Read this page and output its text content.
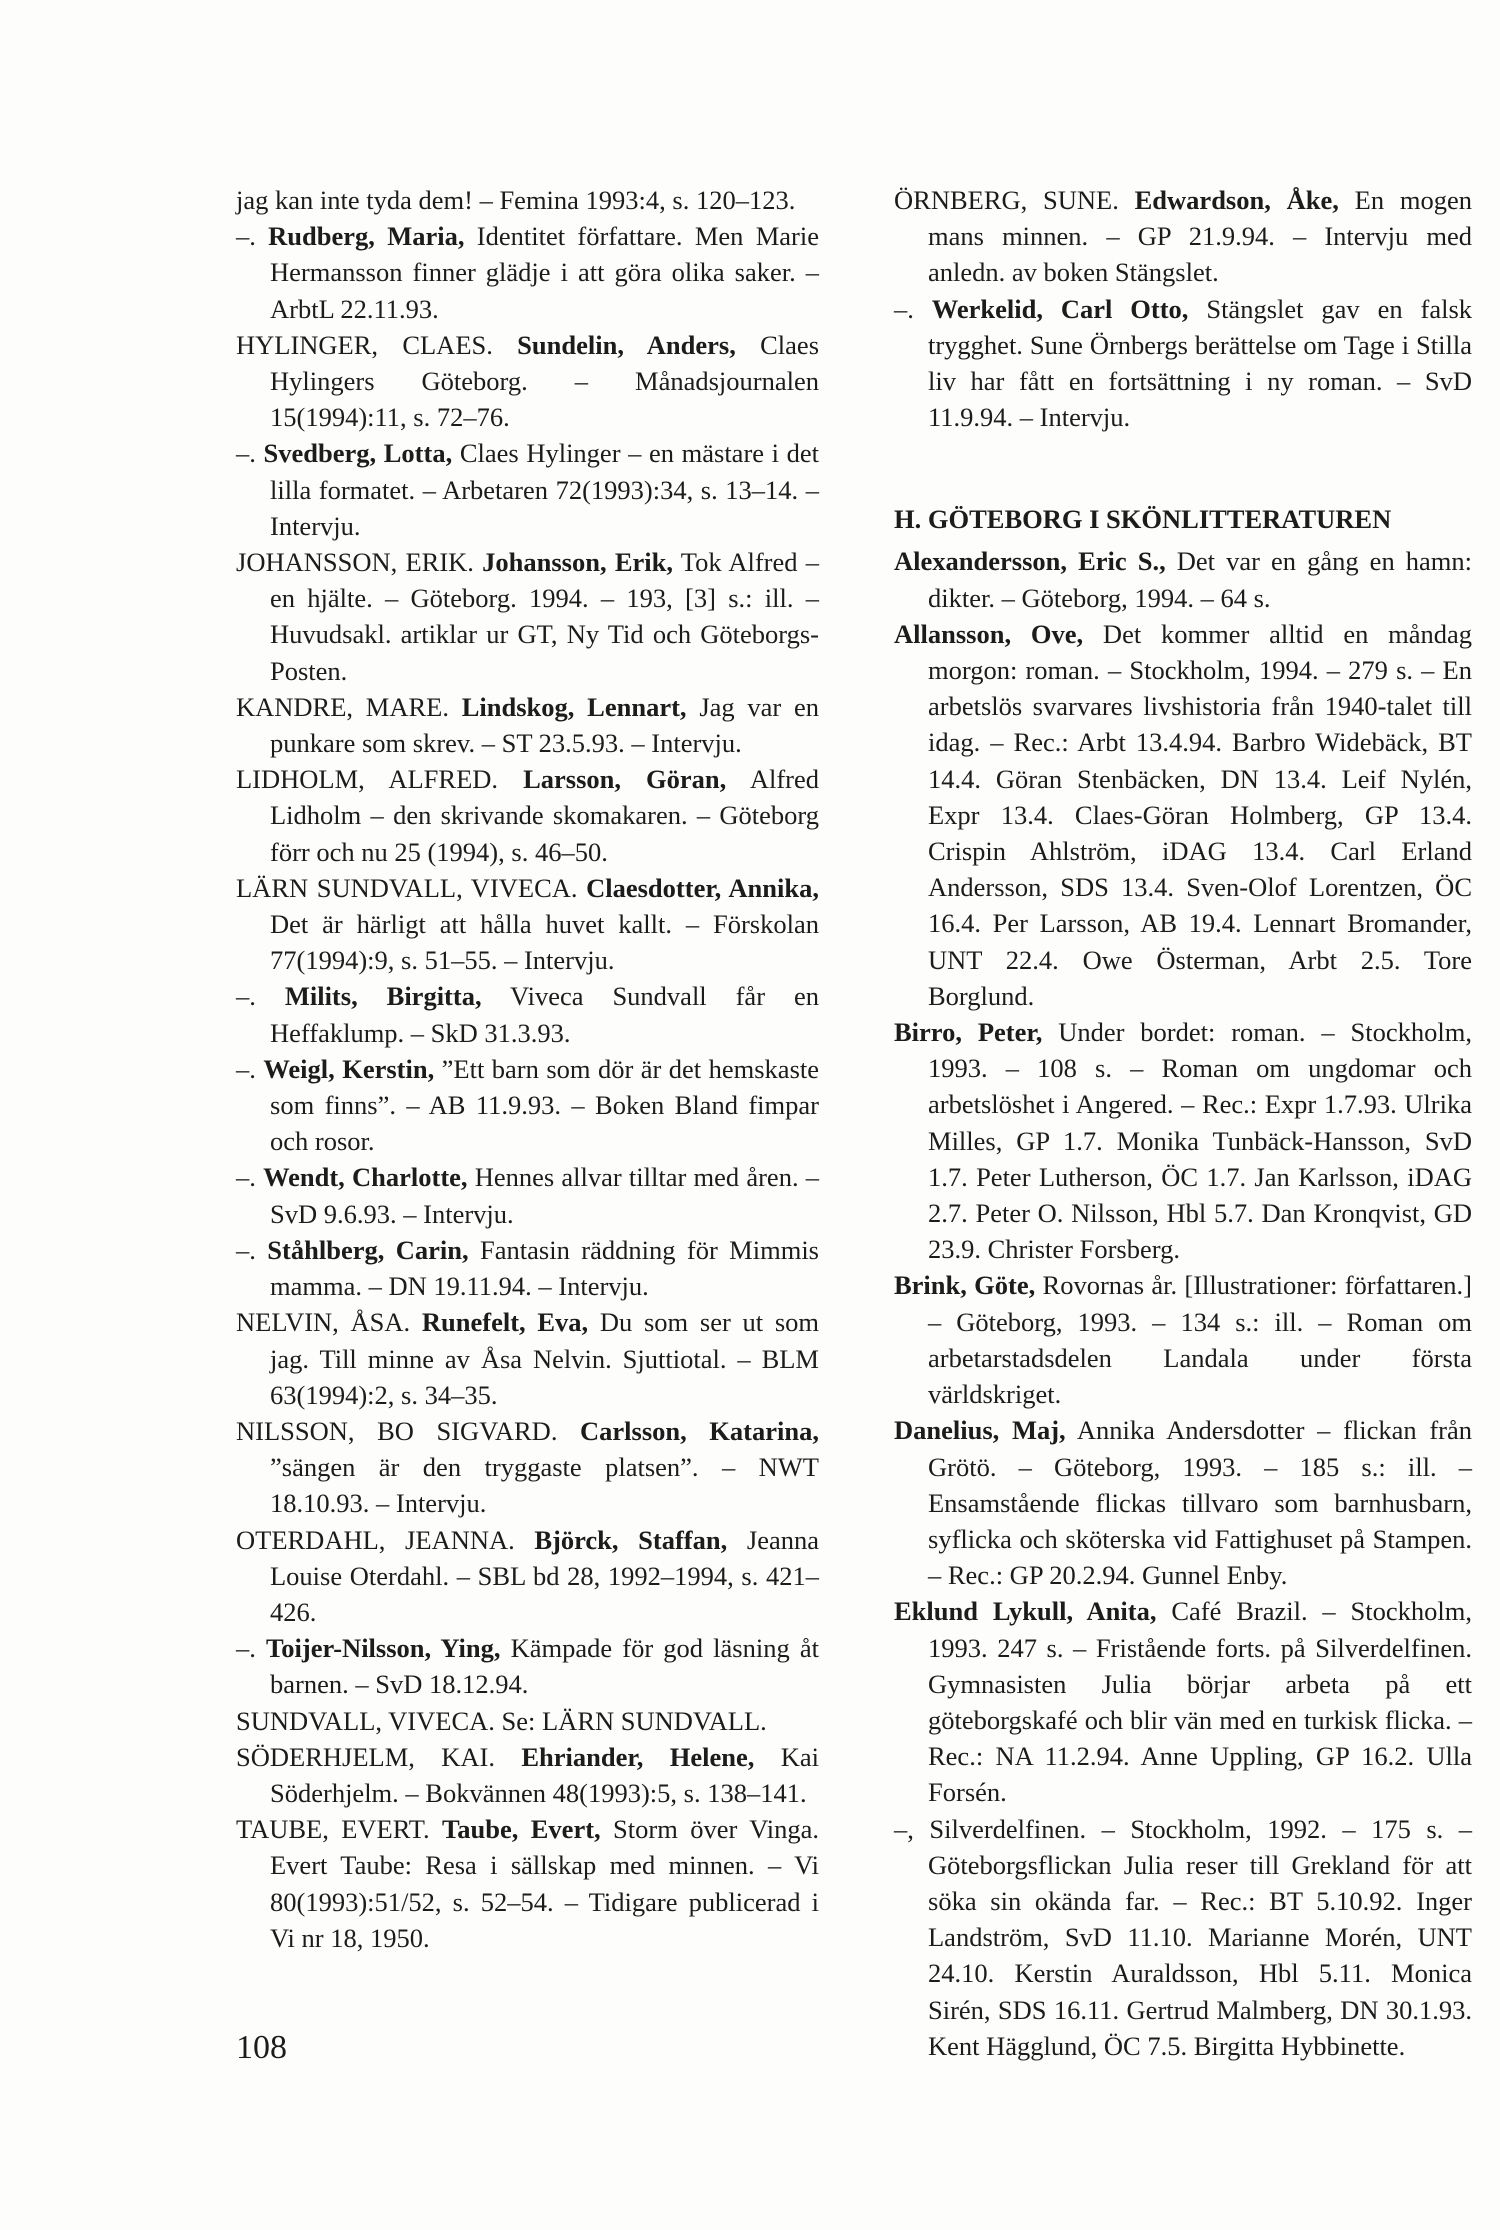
jag kan inte tyda dem! – Femina 1993:4, s. 120–123.

–. Rudberg, Maria, Identitet författare. Men Marie Hermansson finner glädje i att göra olika saker. – ArbtL 22.11.93.

HYLINGER, CLAES. Sundelin, Anders, Claes Hylingers Göteborg. – Månadsjournalen 15(1994):11, s. 72–76.

–. Svedberg, Lotta, Claes Hylinger – en mästare i det lilla formatet. – Arbetaren 72(1993):34, s. 13–14. – Intervju.

JOHANSSON, ERIK. Johansson, Erik, Tok Alfred – en hjälte. – Göteborg. 1994. – 193, [3] s.: ill. – Huvudsakl. artiklar ur GT, Ny Tid och Göteborgs-Posten.

KANDRE, MARE. Lindskog, Lennart, Jag var en punkare som skrev. – ST 23.5.93. – Intervju.

LIDHOLM, ALFRED. Larsson, Göran, Alfred Lidholm – den skrivande skomakaren. – Göteborg förr och nu 25 (1994), s. 46–50.

LÄRN SUNDVALL, VIVECA. Claesdotter, Annika, Det är härligt att hålla huvet kallt. – Förskolan 77(1994):9, s. 51–55. – Intervju.

–. Milits, Birgitta, Viveca Sundvall får en Heffaklump. – SkD 31.3.93.

–. Weigl, Kerstin, ”Ett barn som dör är det hemskaste som finns”. – AB 11.9.93. – Boken Bland fimpar och rosor.

–. Wendt, Charlotte, Hennes allvar tilltar med åren. – SvD 9.6.93. – Intervju.

–. Ståhlberg, Carin, Fantasin räddning för Mimmis mamma. – DN 19.11.94. – Intervju.

NELVIN, ÅSA. Runefelt, Eva, Du som ser ut som jag. Till minne av Åsa Nelvin. Sjuttiotal. – BLM 63(1994):2, s. 34–35.

NILSSON, BO SIGVARD. Carlsson, Katarina, ”sängen är den tryggaste platsen”. – NWT 18.10.93. – Intervju.

OTERDAHL, JEANNA. Björck, Staffan, Jeanna Louise Oterdahl. – SBL bd 28, 1992–1994, s. 421–426.

–. Toijer-Nilsson, Ying, Kämpade för god läsning åt barnen. – SvD 18.12.94.

SUNDVALL, VIVECA. Se: LÄRN SUNDVALL.

SÖDERHJELM, KAI. Ehriander, Helene, Kai Söderhjelm. – Bokvännen 48(1993):5, s. 138–141.

TAUBE, EVERT. Taube, Evert, Storm över Vinga. Evert Taube: Resa i sällskap med minnen. – Vi 80(1993):51/52, s. 52–54. – Tidigare publicerad i Vi nr 18, 1950.

ÖRNBERG, SUNE. Edwardson, Åke, En mogen mans minnen. – GP 21.9.94. – Intervju med anledn. av boken Stängslet.

–. Werkelid, Carl Otto, Stängslet gav en falsk trygghet. Sune Örnbergs berättelse om Tage i Stilla liv har fått en fortsättning i ny roman. – SvD 11.9.94. – Intervju.

H. GÖTEBORG I SKÖNLITTERATUREN

Alexandersson, Eric S., Det var en gång en hamn: dikter. – Göteborg, 1994. – 64 s.

Allansson, Ove, Det kommer alltid en måndag morgon: roman. – Stockholm, 1994. – 279 s. – En arbetslös svarvares livshistoria från 1940-talet till idag. – Rec.: Arbt 13.4.94. Barbro Widebäck, BT 14.4. Göran Stenbäcken, DN 13.4. Leif Nylén, Expr 13.4. Claes-Göran Holmberg, GP 13.4. Crispin Ahlström, iDAG 13.4. Carl Erland Andersson, SDS 13.4. Sven-Olof Lorentzen, ÖC 16.4. Per Larsson, AB 19.4. Lennart Bromander, UNT 22.4. Owe Österman, Arbt 2.5. Tore Borglund.

Birro, Peter, Under bordet: roman. – Stockholm, 1993. – 108 s. – Roman om ungdomar och arbetslöshet i Angered. – Rec.: Expr 1.7.93. Ulrika Milles, GP 1.7. Monika Tunbäck-Hansson, SvD 1.7. Peter Lutherson, ÖC 1.7. Jan Karlsson, iDAG 2.7. Peter O. Nilsson, Hbl 5.7. Dan Kronqvist, GD 23.9. Christer Forsberg.

Brink, Göte, Rovornas år. [Illustrationer: författaren.] – Göteborg, 1993. – 134 s.: ill. – Roman om arbetarstadsdelen Landala under första världskriget.

Danelius, Maj, Annika Andersdotter – flickan från Grötö. – Göteborg, 1993. – 185 s.: ill. – Ensamstående flickas tillvaro som barnhusbarn, syflicka och sköterska vid Fattighuset på Stampen. – Rec.: GP 20.2.94. Gunnel Enby.

Eklund Lykull, Anita, Café Brazil. – Stockholm, 1993. 247 s. – Fristående forts. på Silverdelfinen. Gymnasisten Julia börjar arbeta på ett göteborgskafé och blir vän med en turkisk flicka. – Rec.: NA 11.2.94. Anne Uppling, GP 16.2. Ulla Forsén.

–, Silverdelfinen. – Stockholm, 1992. – 175 s. – Göteborgsflickan Julia reser till Grekland för att söka sin okända far. – Rec.: BT 5.10.92. Inger Landström, SvD 11.10. Marianne Morén, UNT 24.10. Kerstin Auraldsson, Hbl 5.11. Monica Sirén, SDS 16.11. Gertrud Malmberg, DN 30.1.93. Kent Hägglund, ÖC 7.5. Birgitta Hybbinette.

108
